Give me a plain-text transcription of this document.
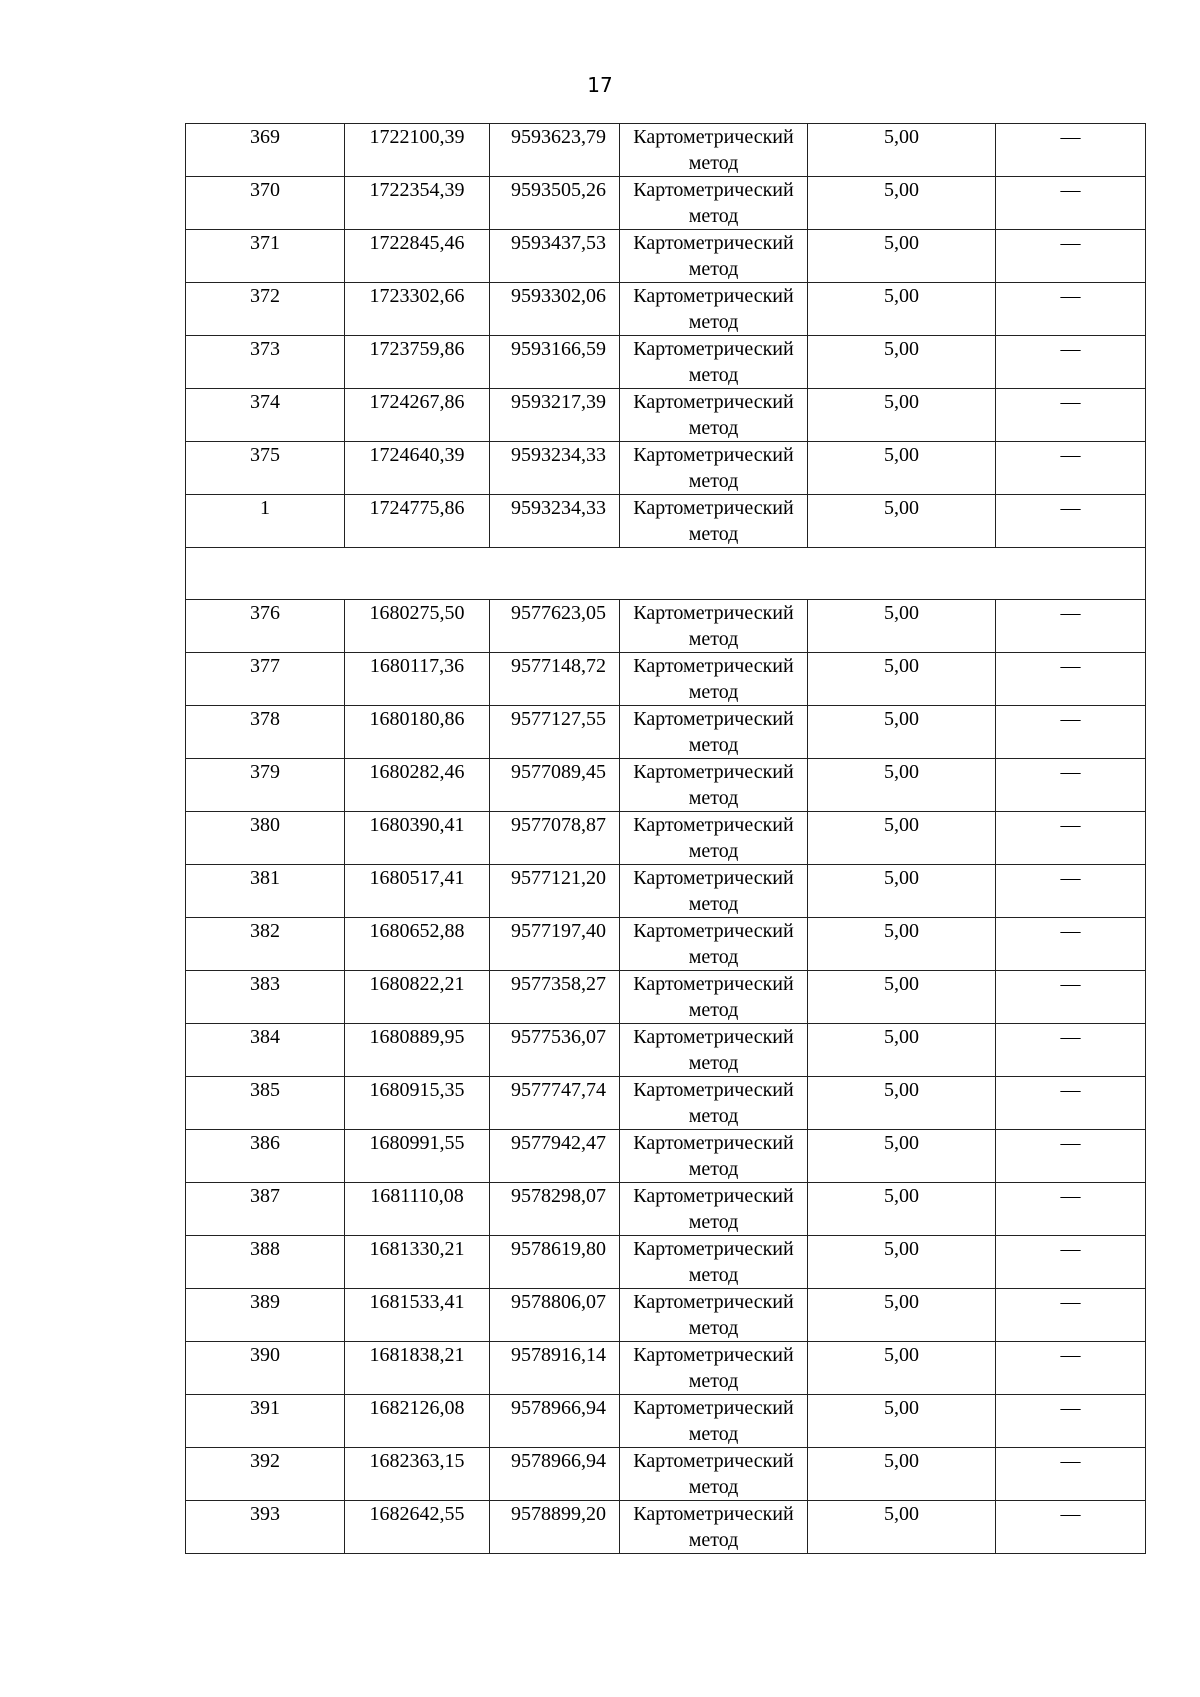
17
369	1722100,39	9593623,79	Картометрический метод	5,00	—
370	1722354,39	9593505,26	Картометрический метод	5,00	—
371	1722845,46	9593437,53	Картометрический метод	5,00	—
372	1723302,66	9593302,06	Картометрический метод	5,00	—
373	1723759,86	9593166,59	Картометрический метод	5,00	—
374	1724267,86	9593217,39	Картометрический метод	5,00	—
375	1724640,39	9593234,33	Картометрический метод	5,00	—
1	1724775,86	9593234,33	Картометрический метод	5,00	—

376	1680275,50	9577623,05	Картометрический метод	5,00	—
377	1680117,36	9577148,72	Картометрический метод	5,00	—
378	1680180,86	9577127,55	Картометрический метод	5,00	—
379	1680282,46	9577089,45	Картометрический метод	5,00	—
380	1680390,41	9577078,87	Картометрический метод	5,00	—
381	1680517,41	9577121,20	Картометрический метод	5,00	—
382	1680652,88	9577197,40	Картометрический метод	5,00	—
383	1680822,21	9577358,27	Картометрический метод	5,00	—
384	1680889,95	9577536,07	Картометрический метод	5,00	—
385	1680915,35	9577747,74	Картометрический метод	5,00	—
386	1680991,55	9577942,47	Картометрический метод	5,00	—
387	1681110,08	9578298,07	Картометрический метод	5,00	—
388	1681330,21	9578619,80	Картометрический метод	5,00	—
389	1681533,41	9578806,07	Картометрический метод	5,00	—
390	1681838,21	9578916,14	Картометрический метод	5,00	—
391	1682126,08	9578966,94	Картометрический метод	5,00	—
392	1682363,15	9578966,94	Картометрический метод	5,00	—
393	1682642,55	9578899,20	Картометрический метод	5,00	—
